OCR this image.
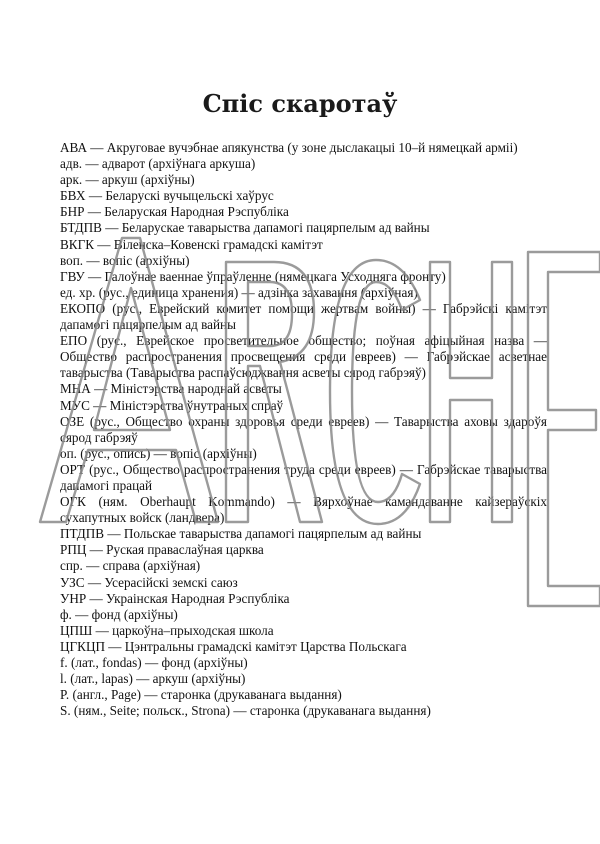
Спіс скаротаў
АВА — Акруговае вучэбнае апякунства (у зоне дыслакацыі 10–й нямецкай арміі)
адв. — адварот (архіўнага аркуша)
арк. — аркуш (архіўны)
БВХ — Беларускі вучыцельскі хаўрус
БНР — Беларуская Народная Рэспубліка
БТДПВ — Беларускае таварыства дапамогі пацярпелым ад вайны
ВКГК — Віленска–Ковенскі грамадскі камітэт
воп. — вопіс (архіўны)
ГВУ — Галоўнае ваеннае ўпраўленне (нямецкага Усходняга фронту)
ед. хр. (рус., единица хранения) — адзінка захавання (архіўная)
ЕКОПО (рус., Еврейский комитет помощи жертвам войны) — Габрэйскі камітэт дапамогі пацярпелым ад вайны
ЕПО (рус., Еврейское просветительное общество; поўная афіцыйная назва — Общество распространения просвещения среди евреев) — Габрэйскае асветнае таварыства (Таварыства распаўсюджвання асветы сярод габрэяў)
МНА — Міністэрства народнай асветы
МУС — Міністэрства ўнутраных спраў
ОЗЕ (рус., Общество охраны здоровья среди евреев) — Таварыства аховы здароўя сярод габрэяў
оп. (рус., опись) — вопіс (архіўны)
ОРТ (рус., Общество распространения труда среди евреев) — Габрэйскае таварыства дапамогі працай
ОГК (ням. Oberhaupt Kommando) — Вярхоўнае камандаванне кайзераўскіх сухапутных войск (ландвера)
ПТДПВ — Польскае таварыства дапамогі пацярпелым ад вайны
РПЦ — Руская праваслаўная царква
спр. — справа (архіўная)
УЗС — Усерасійскі земскі саюз
УНР — Украінская Народная Рэспубліка
ф. — фонд (архіўны)
ЦПШ — царкоўна–прыходская школа
ЦГКЦП — Цэнтральны грамадскі камітэт Царства Польскага
f. (лат., fondas) — фонд (архіўны)
l. (лат., lapas) — аркуш (архіўны)
P. (англ., Page) — старонка (друкаванага выдання)
S. (ням., Seite; польск., Strona) — старонка (друкаванага выдання)
